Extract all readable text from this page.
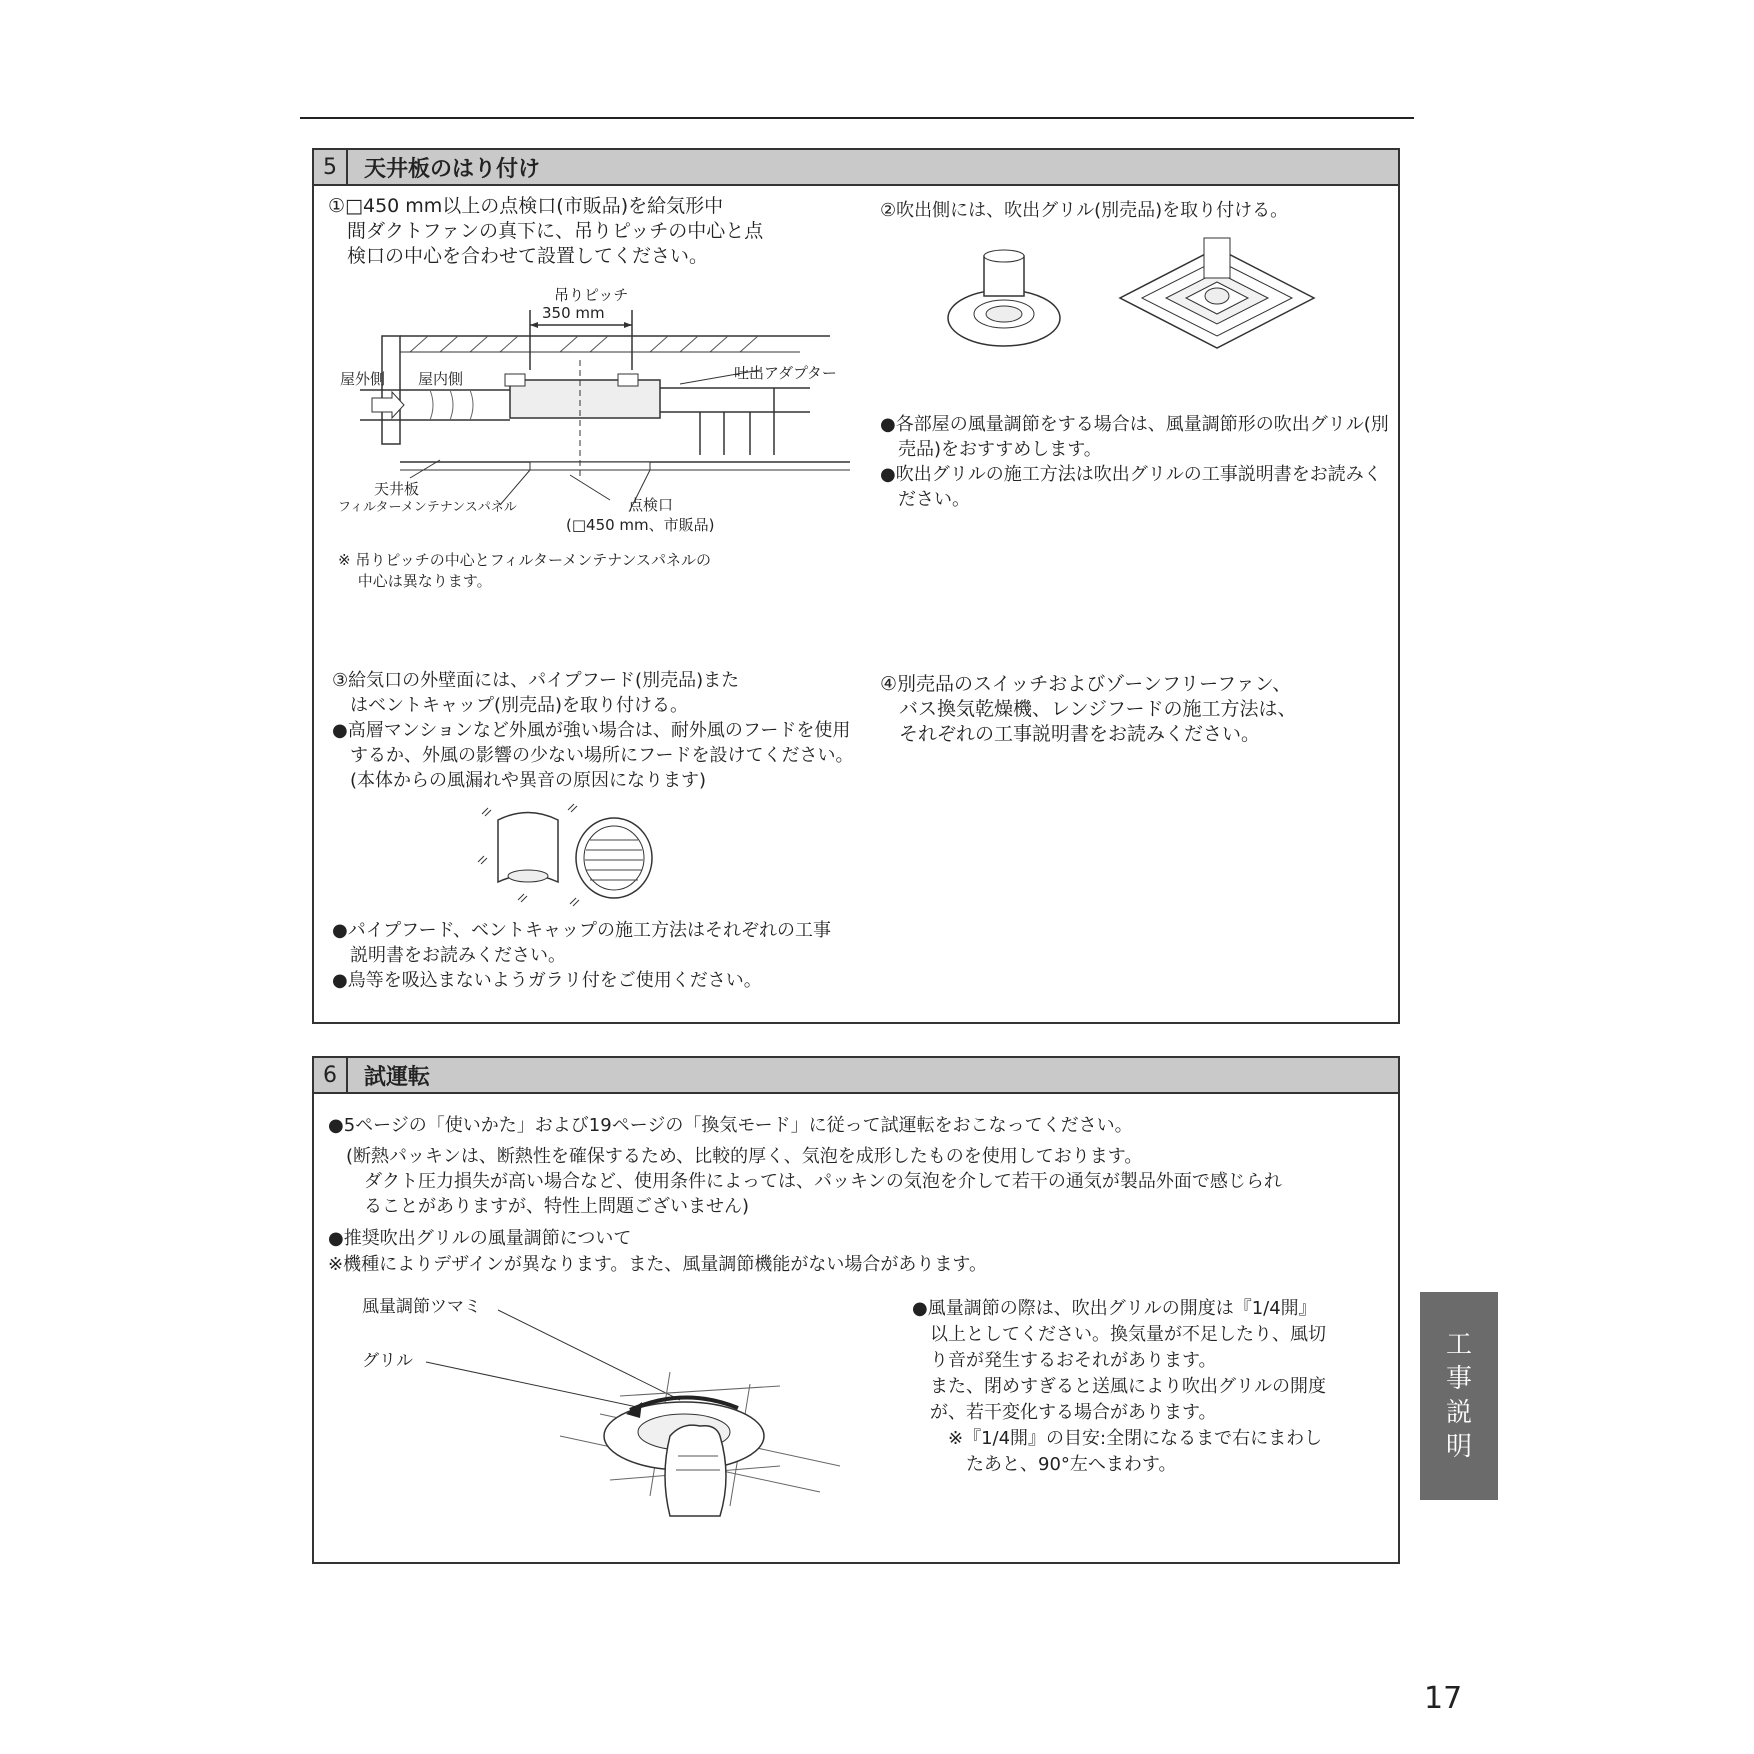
5	天井板のはり付け
①□450 mm以上の点検口(市販品)を給気形中
　間ダクトファンの真下に、吊りピッチの中心と点
　検口の中心を合わせて設置してください。
吊りピッチ
350 mm
屋外側 屋内側	吐出アダプター
天井板
フィルターメンテナンスパネル	点検口
(□450 mm、市販品)
※ 吊りピッチの中心とフィルターメンテナンスパネルの
　 中心は異なります。
②吹出側には、吹出グリル(別売品)を取り付ける。
●各部屋の風量調節をする場合は、風量調節形の吹出グリル(別
　売品)をおすすめします。
●吹出グリルの施工方法は吹出グリルの工事説明書をお読みく
　ださい。
③給気口の外壁面には、パイプフード(別売品)また
　はベントキャップ(別売品)を取り付ける。
●高層マンションなど外風が強い場合は、耐外風のフードを使用
　するか、外風の影響の少ない場所にフードを設けてください。
　(本体からの風漏れや異音の原因になります)
●パイプフード、ベントキャップの施工方法はそれぞれの工事
　説明書をお読みください。
●鳥等を吸込まないようガラリ付をご使用ください。
④別売品のスイッチおよびゾーンフリーファン、
　バス換気乾燥機、レンジフードの施工方法は、
　それぞれの工事説明書をお読みください。
6	試運転
●5ページの「使いかた」および19ページの「換気モード」に従って試運転をおこなってください。
　(断熱パッキンは、断熱性を確保するため、比較的厚く、気泡を成形したものを使用しております。
　　ダクト圧力損失が高い場合など、使用条件によっては、パッキンの気泡を介して若干の通気が製品外面で感じられ
　　ることがありますが、特性上問題ございません)
●推奨吹出グリルの風量調節について
※機種によりデザインが異なります。また、風量調節機能がない場合があります。
風量調節ツマミ
グリル
●風量調節の際は、吹出グリルの開度は『1/4開』
　以上としてください。換気量が不足したり、風切
　り音が発生するおそれがあります。
　また、閉めすぎると送風により吹出グリルの開度
　が、若干変化する場合があります。
　　※『1/4開』の目安:全閉になるまで右にまわし
　　　たあと、90°左へまわす。
工
事
説
明
17
